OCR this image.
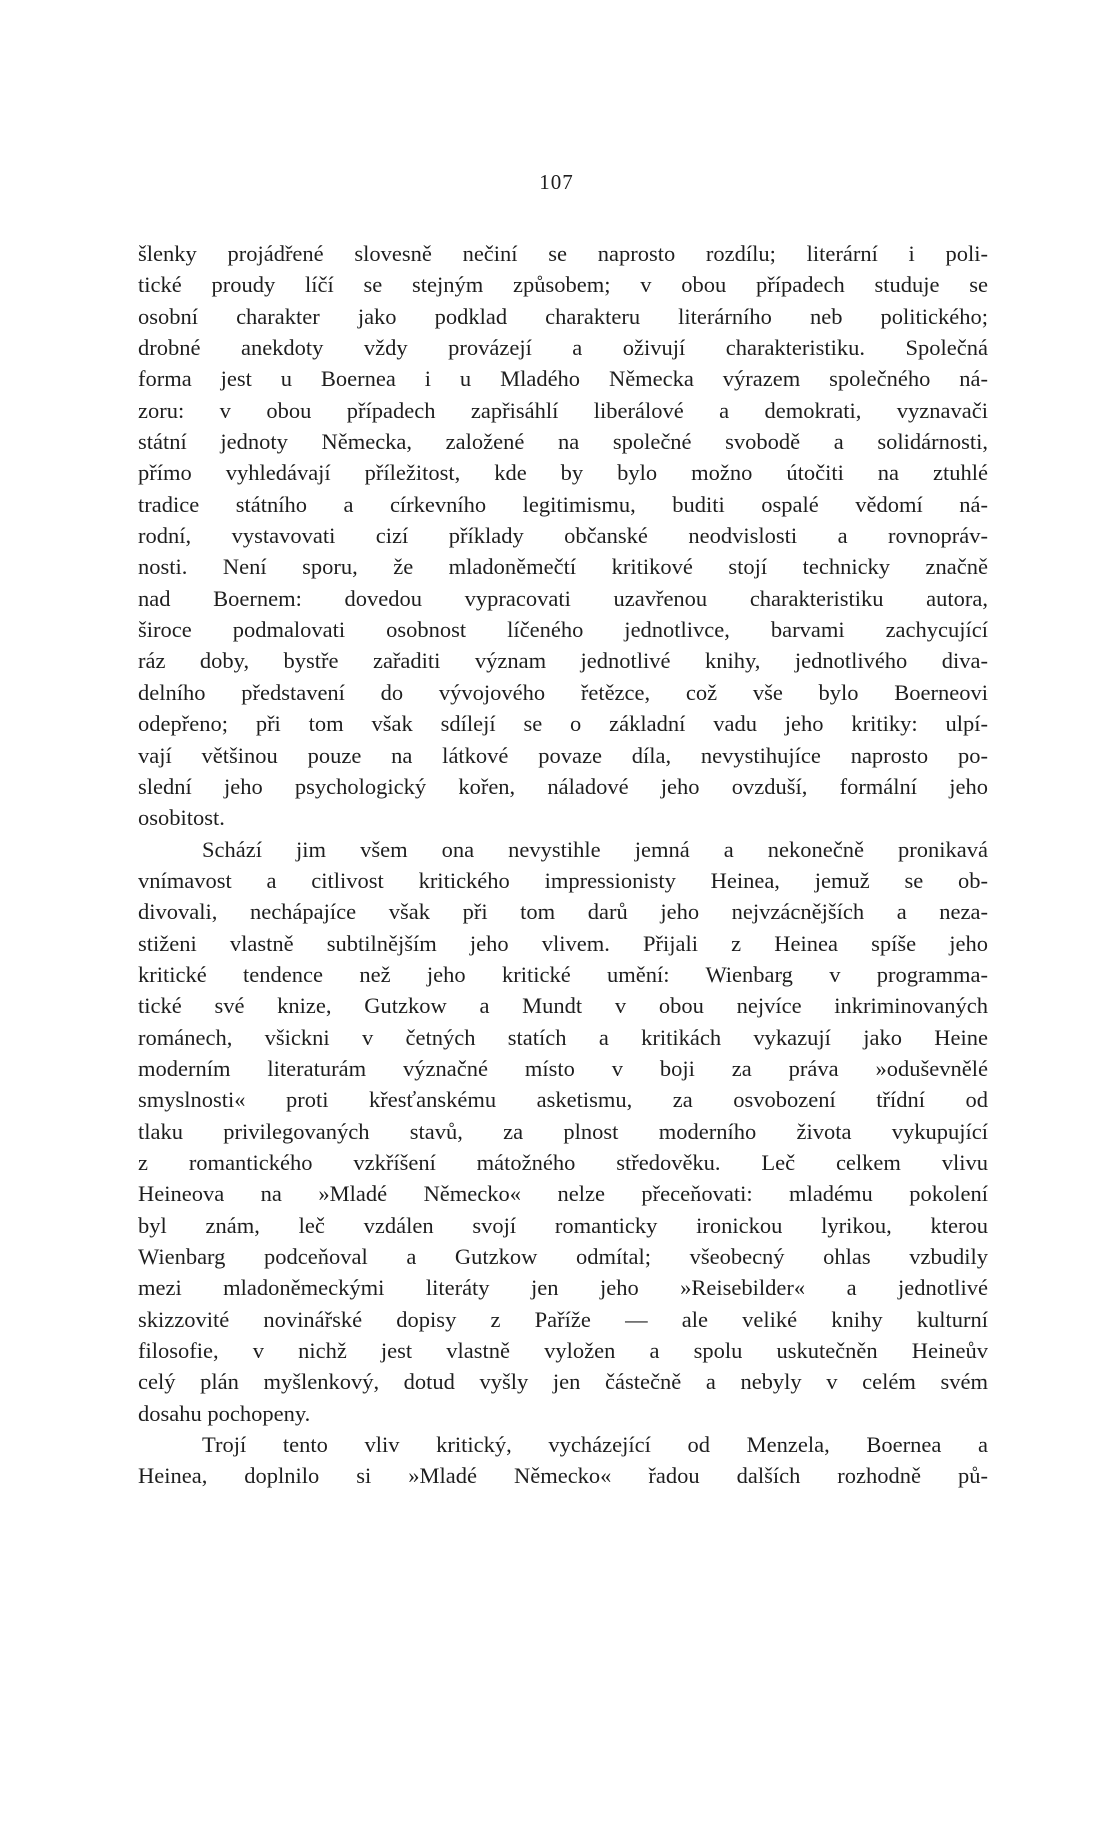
107
šlenky projádřené slovesně nečiní se naprosto rozdílu; literární i poli-
tické proudy líčí se stejným způsobem; v obou případech studuje se
osobní charakter jako podklad charakteru literárního neb politického;
drobné anekdoty vždy provázejí a oživují charakteristiku. Společná
forma jest u Boernea i u Mladého Německa výrazem společného ná-
zoru: v obou případech zapřisáhlí liberálové a demokrati, vyznavači
státní jednoty Německa, založené na společné svobodě a solidárnosti,
přímo vyhledávají příležitost, kde by bylo možno útočiti na ztuhlé
tradice státního a církevního legitimismu, buditi ospalé vědomí ná-
rodní, vystavovati cizí příklady občanské neodvislosti a rovnopráv-
nosti. Není sporu, že mladoněmečtí kritikové stojí technicky značně
nad Boernem: dovedou vypracovati uzavřenou charakteristiku autora,
široce podmalovati osobnost líčeného jednotlivce, barvami zachycující
ráz doby, bystře zařaditi význam jednotlivé knihy, jednotlivého diva-
delního představení do vývojového řetězce, což vše bylo Boerneovi
odepřeno; při tom však sdílejí se o základní vadu jeho kritiky: ulpí-
vají většinou pouze na látkové povaze díla, nevystihujíce naprosto po-
slední jeho psychologický kořen, náladové jeho ovzduší, formální jeho
osobitost.
Schází jim všem ona nevystihle jemná a nekonečně pronikavá
vnímavost a citlivost kritického impressionisty Heinea, jemuž se ob-
divovali, nechápajíce však při tom darů jeho nejvzácnějších a neza-
stiženi vlastně subtilnějším jeho vlivem. Přijali z Heinea spíše jeho
kritické tendence než jeho kritické umění: Wienbarg v programma-
tické své knize, Gutzkow a Mundt v obou nejvíce inkriminovaných
románech, všickni v četných statích a kritikách vykazují jako Heine
moderním literaturám význačné místo v boji za práva »oduševnělé
smyslnosti« proti křesťanskému asketismu, za osvobození třídní od
tlaku privilegovaných stavů, za plnost moderního života vykupující
z romantického vzkříšení mátožného středověku. Leč celkem vlivu
Heineova na »Mladé Německo« nelze přeceňovati: mladému pokolení
byl znám, leč vzdálen svojí romanticky ironickou lyrikou, kterou
Wienbarg podceňoval a Gutzkow odmítal; všeobecný ohlas vzbudily
mezi mladoněmeckými literáty jen jeho »Reisebilder« a jednotlivé
skizzovité novinářské dopisy z Paříže — ale veliké knihy kulturní
filosofie, v nichž jest vlastně vyložen a spolu uskutečněn Heineův
celý plán myšlenkový, dotud vyšly jen částečně a nebyly v celém svém
dosahu pochopeny.
Trojí tento vliv kritický, vycházející od Menzela, Boernea a
Heinea, doplnilo si »Mladé Německo« řadou dalších rozhodně pů-
